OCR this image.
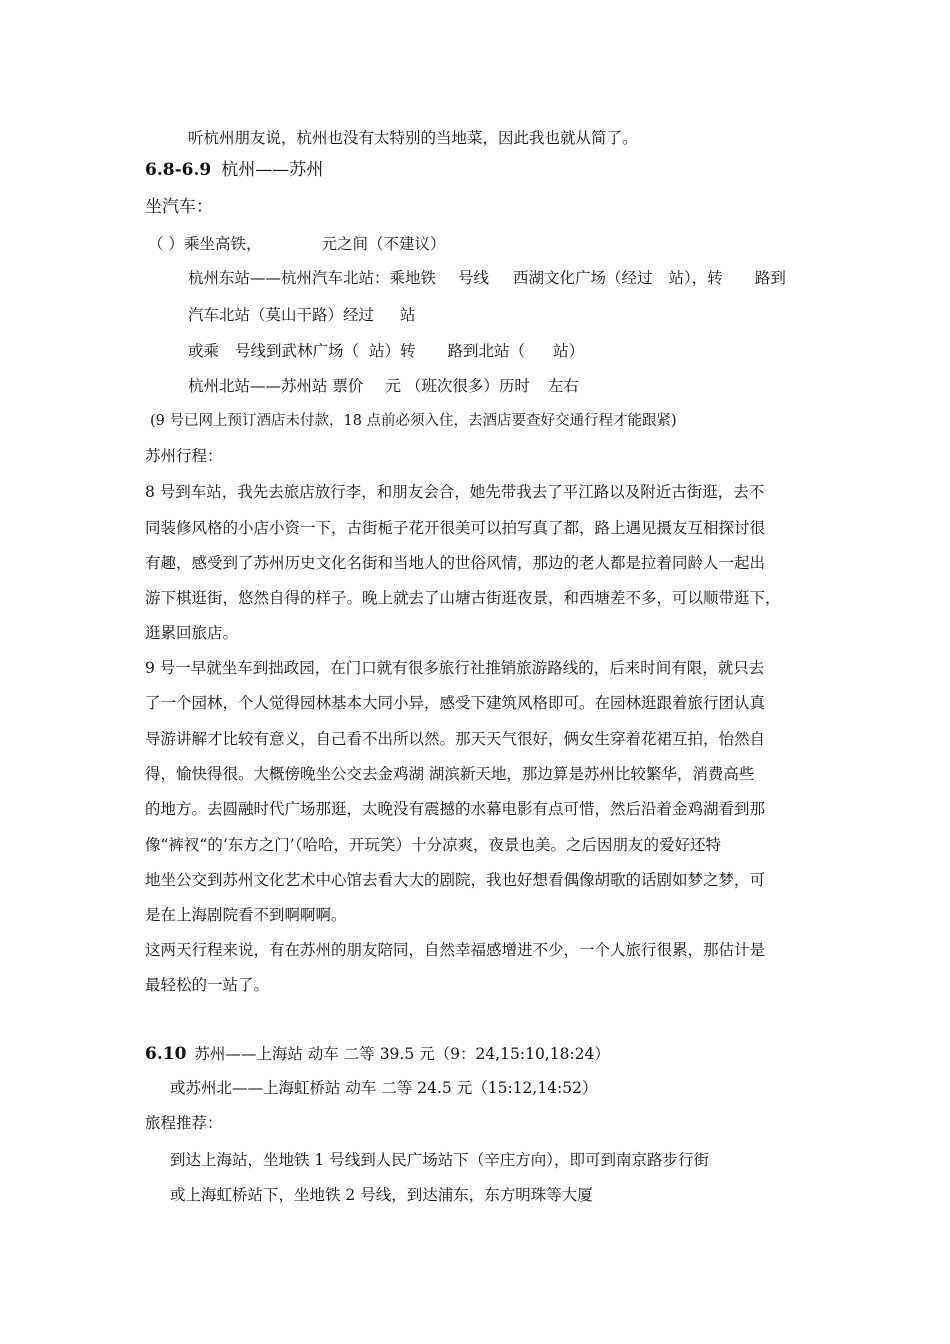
听杭州朋友说，杭州也没有太特别的当地菜，因此我也就从简了。
6.8-6.9 杭州——苏州
坐汽车：
（ ）乘坐高铁，	元之间（不建议）
杭州东站——杭州汽车北站：乘地铁 号线 西湖文化广场（经过 站），转 路到
汽车北站（莫山干路）经过 站
或乘 号线到武林广场（ 站）转 路到北站（ 站）
杭州北站——苏州站 票价 元 （班次很多）历时 左右
(9 号已网上预订酒店未付款，18 点前必须入住，去酒店要查好交通行程才能跟紧)
苏州行程：
8 号到车站，我先去旅店放行李，和朋友会合，她先带我去了平江路以及附近古街逛，去不
同装修风格的小店小资一下，古街栀子花开很美可以拍写真了都，路上遇见摄友互相探讨很
有趣，感受到了苏州历史文化名街和当地人的世俗风情，那边的老人都是拉着同龄人一起出
游下棋逛街，悠然自得的样子。晚上就去了山塘古街逛夜景，和西塘差不多，可以顺带逛下，
逛累回旅店。
9 号一早就坐车到拙政园，在门口就有很多旅行社推销旅游路线的，后来时间有限，就只去
了一个园林，个人觉得园林基本大同小异，感受下建筑风格即可。在园林逛跟着旅行团认真
导游讲解才比较有意义，自己看不出所以然。那天天气很好，俩女生穿着花裙互拍，怡然自
得，愉快得很。大概傍晚坐公交去金鸡湖 湖滨新天地，那边算是苏州比较繁华，消费高些
的地方。去圆融时代广场那逛，太晚没有震撼的水幕电影有点可惜，然后沿着金鸡湖看到那
像“裤衩“的‘东方之门’（哈哈，开玩笑）十分凉爽，夜景也美。之后因朋友的爱好还特
地坐公交到苏州文化艺术中心馆去看大大的剧院，我也好想看偶像胡歌的话剧如梦之梦，可
是在上海剧院看不到啊啊啊。
这两天行程来说，有在苏州的朋友陪同，自然幸福感增进不少，一个人旅行很累，那估计是
最轻松的一站了。
6.10 苏州——上海站 动车 二等 39.5 元（9：24,15:10,18:24）
或苏州北——上海虹桥站 动车 二等 24.5 元（15:12,14:52）
旅程推荐：
到达上海站，坐地铁 1 号线到人民广场站下（辛庄方向），即可到南京路步行街
或上海虹桥站下，坐地铁 2 号线，到达浦东，东方明珠等大厦
